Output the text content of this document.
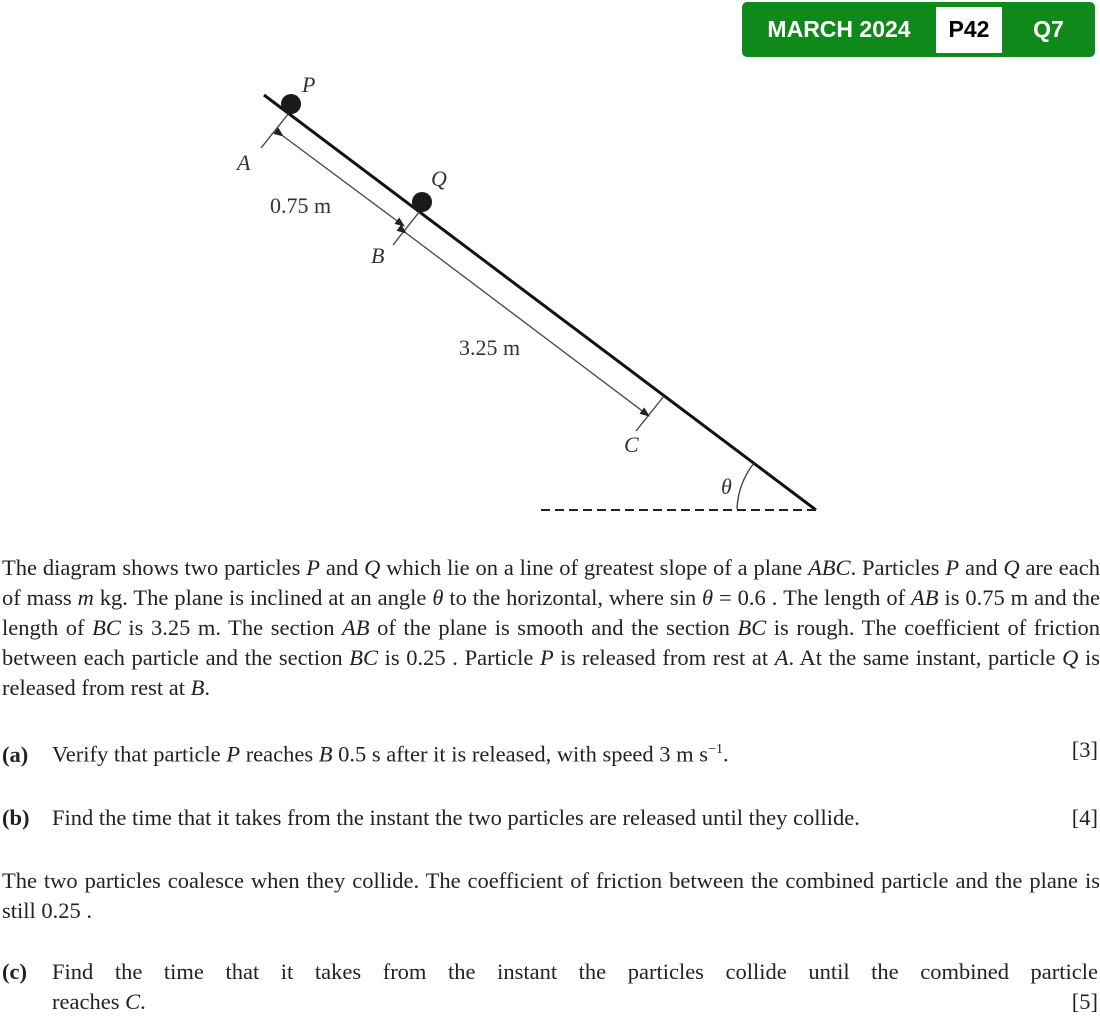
MARCH 2024	P42	Q7
P
Q
A
B
C
θ
0.75 m
3.25 m
The diagram shows two particles P and Q which lie on a line of greatest slope of a plane ABC. Particles P and Q are each of mass m kg. The plane is inclined at an angle θ to the horizontal, where sin θ = 0.6 . The length of AB is 0.75 m and the length of BC is 3.25 m. The section AB of the plane is smooth and the section BC is rough. The coefficient of friction between each particle and the section BC is 0.25 . Particle P is released from rest at A. At the same instant, particle Q is released from rest at B.
(a) Verify that particle P reaches B 0.5 s after it is released, with speed 3 m $s^{-1}$.	[3]
(b) Find the time that it takes from the instant the two particles are released until they collide.	[4]
The two particles coalesce when they collide. The coefficient of friction between the combined particle and the plane is still 0.25 .
(c)	Find the time that it takes from the instant the particles collide until the combined particle
reaches C.	[5]
